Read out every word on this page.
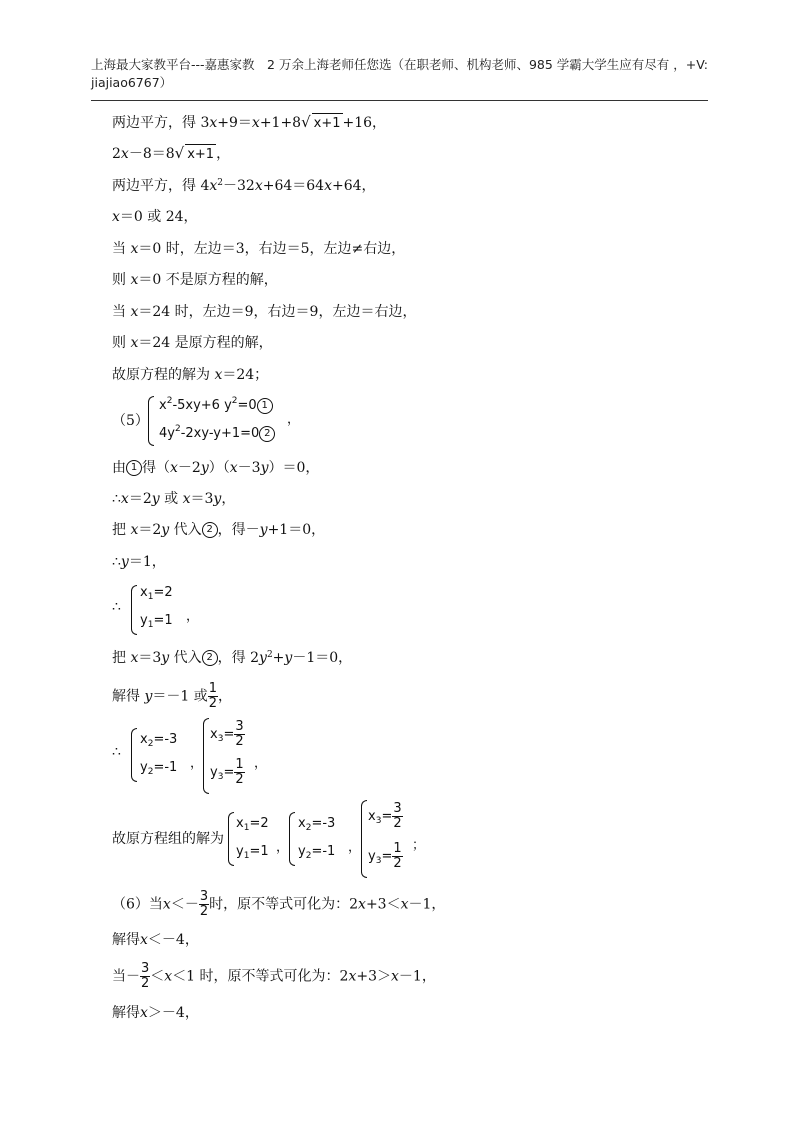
上海最大家教平台---嘉惠家教　2 万余上海老师任您选（在职老师、机构老师、985 学霸大学生应有尽有 ，+V:
jiajiao6767）
两边平方，得 3x+9＝x+1+8√ x+1 +16，
2x－8＝8√ x+1 ，
两边平方，得 $4x^2-32x+64=64x+64$，
x＝0 或 24，
当 x＝0 时，左边＝3，右边＝5，左边≠右边，
则 x＝0 不是原方程的解，
当 x＝24 时，左边＝9，右边＝9，左边＝右边，
则 x＝24 是原方程的解，
故原方程的解为 x＝24；
（5）
$x^2-5xy+6$ $y^2=0$ 1
$4y^2-2xy-y+1=0$ 2
，
由 1 得（x－2y）（x－3y）＝0，
∴x＝2y 或 x＝3y，
把 x＝2y 代入 2 ，得－y+1＝0，
∴y＝1，
∴
$x_1=2$
$y_1=1$ ，
把 x＝3y 代入 2 ，得 $2y^2+y-1=0$，
解得 y＝－1 或 $\frac{1}{2}$ ，
∴
$x_2=-3$
$y_2=-1$ ，
$x_3= \frac{3}{2}$
$y_3= \frac{1}{2}$ ，
故原方程组的解为
$x_1=2$
$y_1=1$ ，
$x_2=-3$
$y_2=-1$ ，
$x_3= \frac{3}{2}$
$y_3= \frac{1}{2}$ ；
（6）当$x<- \frac{3}{2}$ 时，原不等式可化为：2x+3＜x－1，
解得x＜－4，
当－ $\frac{3}{2} <x<1$ 时，原不等式可化为：2x+3＞x－1，
解得x＞－4，
